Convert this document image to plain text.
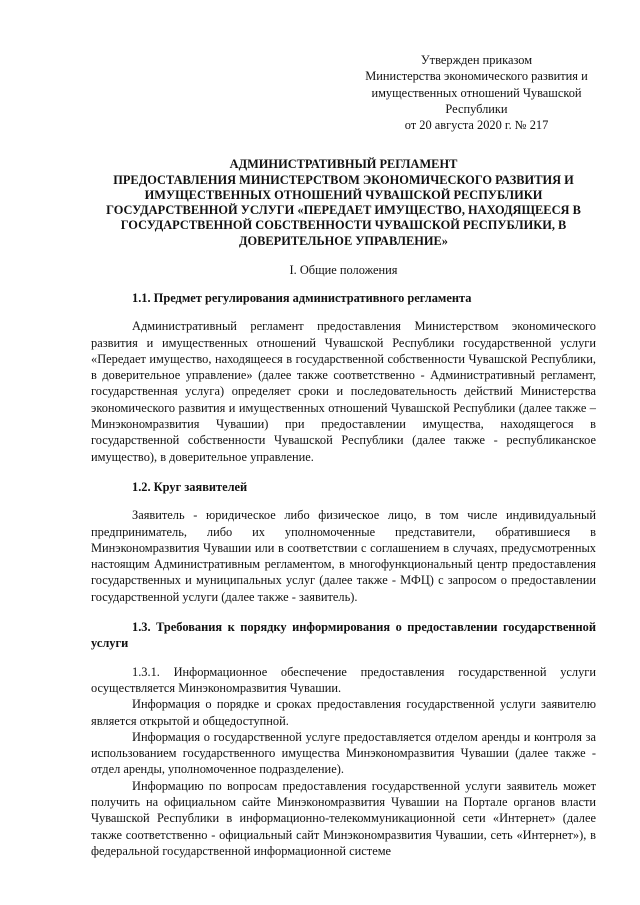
Утвержден приказом
Министерства экономического развития и
имущественных отношений Чувашской
Республики
от 20 августа 2020 г. № 217
АДМИНИСТРАТИВНЫЙ РЕГЛАМЕНТ
ПРЕДОСТАВЛЕНИЯ МИНИСТЕРСТВОМ ЭКОНОМИЧЕСКОГО РАЗВИТИЯ И
ИМУЩЕСТВЕННЫХ ОТНОШЕНИЙ ЧУВАШСКОЙ РЕСПУБЛИКИ
ГОСУДАРСТВЕННОЙ УСЛУГИ «ПЕРЕДАЕТ ИМУЩЕСТВО, НАХОДЯЩЕЕСЯ В
ГОСУДАРСТВЕННОЙ СОБСТВЕННОСТИ ЧУВАШСКОЙ РЕСПУБЛИКИ, В
ДОВЕРИТЕЛЬНОЕ УПРАВЛЕНИЕ»
I. Общие положения
1.1. Предмет регулирования административного регламента

Административный регламент предоставления Министерством экономического развития и имущественных отношений Чувашской Республики государственной услуги «Передает имущество, находящееся в государственной собственности Чувашской Республики, в доверительное управление» (далее также соответственно - Административный регламент, государственная услуга) определяет сроки и последовательность действий Министерства экономического развития и имущественных отношений Чувашской Республики (далее также – Минэкономразвития Чувашии) при предоставлении имущества, находящегося в государственной собственности Чувашской Республики (далее также - республиканское имущество), в доверительное управление.

1.2. Круг заявителей

Заявитель - юридическое либо физическое лицо, в том числе индивидуальный предприниматель, либо их уполномоченные представители, обратившиеся в Минэкономразвития Чувашии или в соответствии с соглашением в случаях, предусмотренных настоящим Административным регламентом, в многофункциональный центр предоставления государственных и муниципальных услуг (далее также - МФЦ) с запросом о предоставлении государственной услуги (далее также - заявитель).

1.3. Требования к порядку информирования о предоставлении государственной услуги

1.3.1. Информационное обеспечение предоставления государственной услуги осуществляется Минэкономразвития Чувашии.

Информация о порядке и сроках предоставления государственной услуги заявителю является открытой и общедоступной.

Информация о государственной услуге предоставляется отделом аренды и контроля за использованием государственного имущества Минэкономразвития Чувашии (далее также - отдел аренды, уполномоченное подразделение).

Информацию по вопросам предоставления государственной услуги заявитель может получить на официальном сайте Минэкономразвития Чувашии на Портале органов власти Чувашской Республики в информационно-телекоммуникационной сети «Интернет» (далее также соответственно - официальный сайт Минэкономразвития Чувашии, сеть «Интернет»), в федеральной государственной информационной системе
